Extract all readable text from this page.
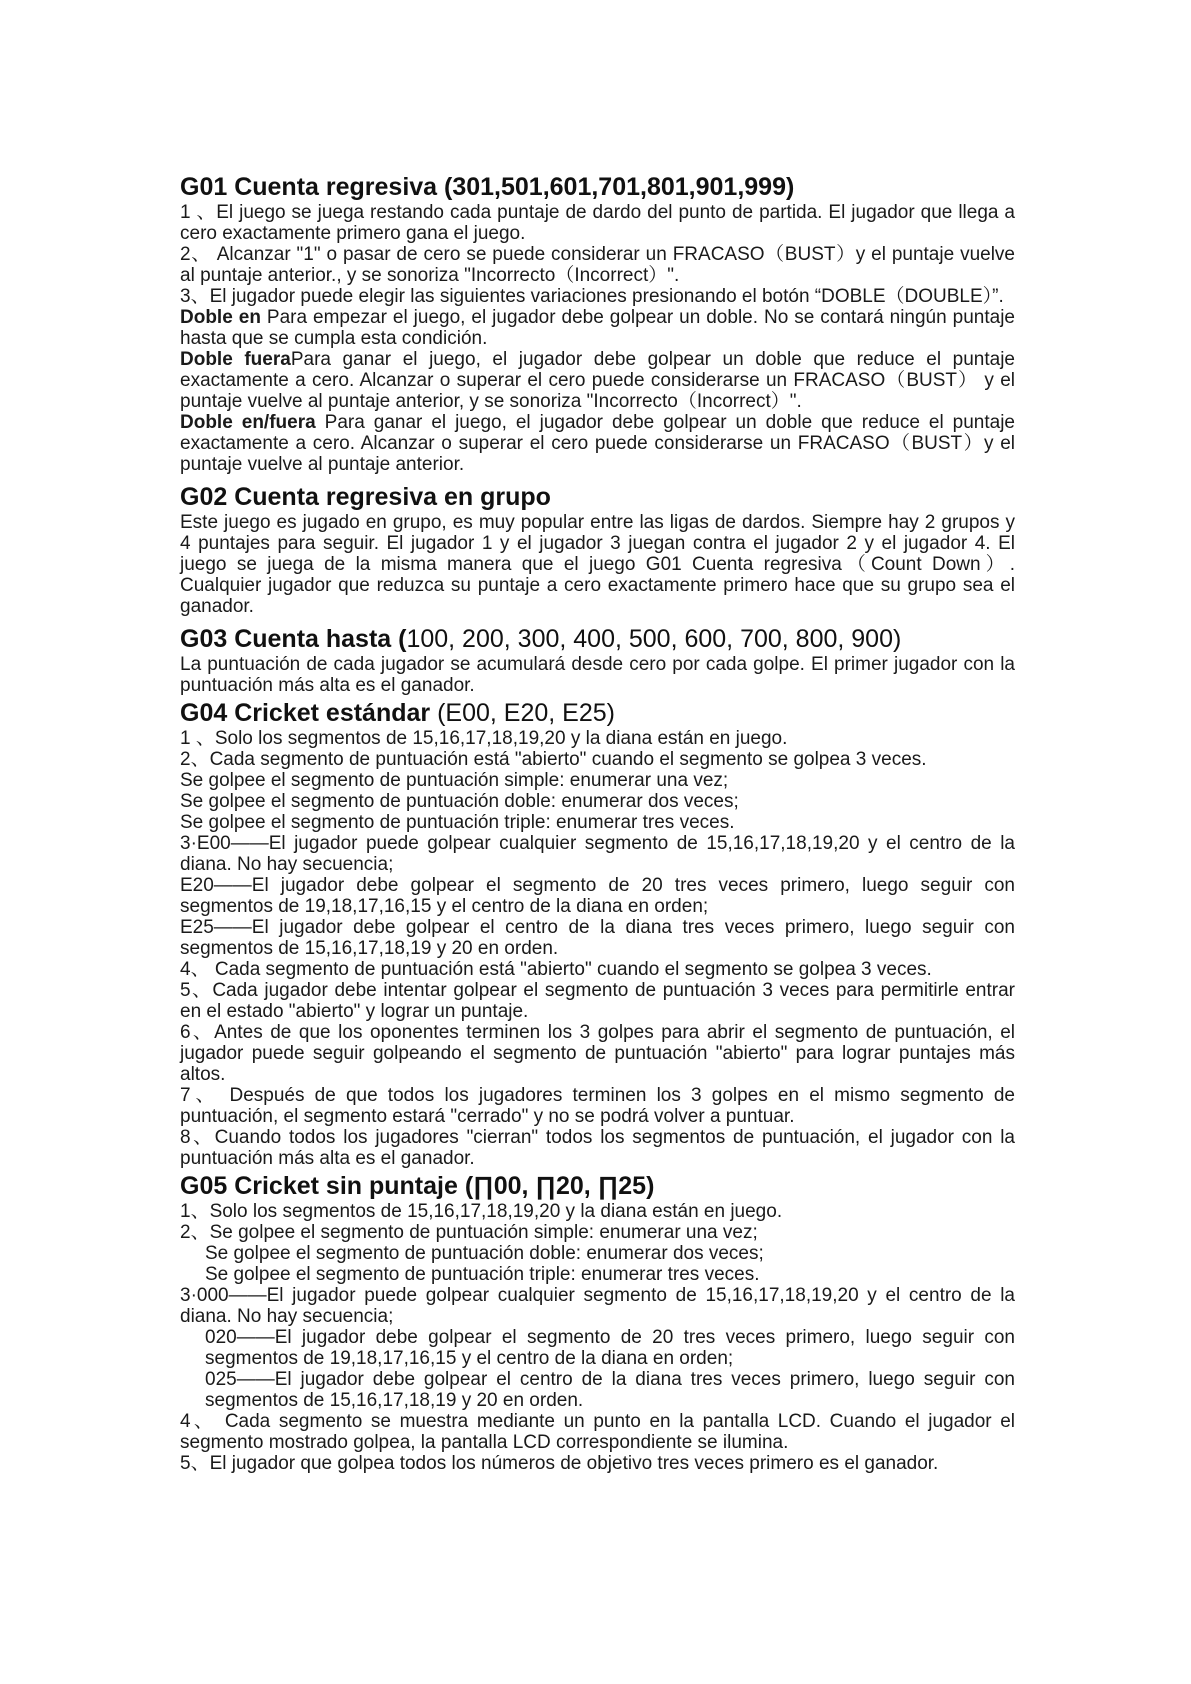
G01 Cuenta regresiva (301,501,601,701,801,901,999)

1 、El juego se juega restando cada puntaje de dardo del punto de partida. El jugador que llega a cero exactamente primero gana el juego.

2、 Alcanzar "1" o pasar de cero se puede considerar un FRACASO（BUST）y el puntaje vuelve al puntaje anterior., y se sonoriza "Incorrecto（Incorrect）".

3、El jugador puede elegir las siguientes variaciones presionando el botón “DOBLE（DOUBLE）”.

Doble en Para empezar el juego, el jugador debe golpear un doble. No se contará ningún puntaje hasta que se cumpla esta condición.

Doble fueraPara ganar el juego, el jugador debe golpear un doble que reduce el puntaje exactamente a cero. Alcanzar o superar el cero puede considerarse un FRACASO（BUST） y el puntaje vuelve al puntaje anterior, y se sonoriza "Incorrecto（Incorrect）".

Doble en/fuera Para ganar el juego, el jugador debe golpear un doble que reduce el puntaje exactamente a cero. Alcanzar o superar el cero puede considerarse un FRACASO（BUST）y el puntaje vuelve al puntaje anterior.

G02 Cuenta regresiva en grupo

Este juego es jugado en grupo, es muy popular entre las ligas de dardos. Siempre hay 2 grupos y 4 puntajes para seguir. El jugador 1 y el jugador 3 juegan contra el jugador 2 y el jugador 4. El juego se juega de la misma manera que el juego G01 Cuenta regresiva（Count Down）. Cualquier jugador que reduzca su puntaje a cero exactamente primero hace que su grupo sea el ganador.

G03 Cuenta hasta (100, 200, 300, 400, 500, 600, 700, 800, 900)

La puntuación de cada jugador se acumulará desde cero por cada golpe. El primer jugador con la puntuación más alta es el ganador.

G04 Cricket estándar (E00, E20, E25)

1 、Solo los segmentos de 15,16,17,18,19,20 y la diana están en juego.

2、Cada segmento de puntuación está "abierto" cuando el segmento se golpea 3 veces.

Se golpee el segmento de puntuación simple: enumerar una vez;

Se golpee el segmento de puntuación doble: enumerar dos veces;

Se golpee el segmento de puntuación triple: enumerar tres veces.

3·E00——El jugador puede golpear cualquier segmento de 15,16,17,18,19,20 y el centro de la diana. No hay secuencia;

E20——El jugador debe golpear el segmento de 20 tres veces primero, luego seguir con segmentos de 19,18,17,16,15 y el centro de la diana en orden;

E25——El jugador debe golpear el centro de la diana tres veces primero, luego seguir con segmentos de 15,16,17,18,19 y 20 en orden.

4、 Cada segmento de puntuación está "abierto" cuando el segmento se golpea 3 veces.

5、Cada jugador debe intentar golpear el segmento de puntuación 3 veces para permitirle entrar en el estado "abierto" y lograr un puntaje.

6、Antes de que los oponentes terminen los 3 golpes para abrir el segmento de puntuación, el jugador puede seguir golpeando el segmento de puntuación "abierto" para lograr puntajes más altos.

7、 Después de que todos los jugadores terminen los 3 golpes en el mismo segmento de puntuación, el segmento estará "cerrado" y no se podrá volver a puntuar.

8、Cuando todos los jugadores "cierran" todos los segmentos de puntuación, el jugador con la puntuación más alta es el ganador.

G05 Cricket sin puntaje (∏00, ∏20, ∏25)

1、Solo los segmentos de 15,16,17,18,19,20 y la diana están en juego.

2、Se golpee el segmento de puntuación simple: enumerar una vez;

Se golpee el segmento de puntuación doble: enumerar dos veces;

Se golpee el segmento de puntuación triple: enumerar tres veces.

3·000——El jugador puede golpear cualquier segmento de 15,16,17,18,19,20 y el centro de la diana. No hay secuencia;

020——El jugador debe golpear el segmento de 20 tres veces primero, luego seguir con segmentos de 19,18,17,16,15 y el centro de la diana en orden;

025——El jugador debe golpear el centro de la diana tres veces primero, luego seguir con segmentos de 15,16,17,18,19 y 20 en orden.

4、 Cada segmento se muestra mediante un punto en la pantalla LCD. Cuando el jugador el segmento mostrado golpea, la pantalla LCD correspondiente se ilumina.

5、El jugador que golpea todos los números de objetivo tres veces primero es el ganador.
